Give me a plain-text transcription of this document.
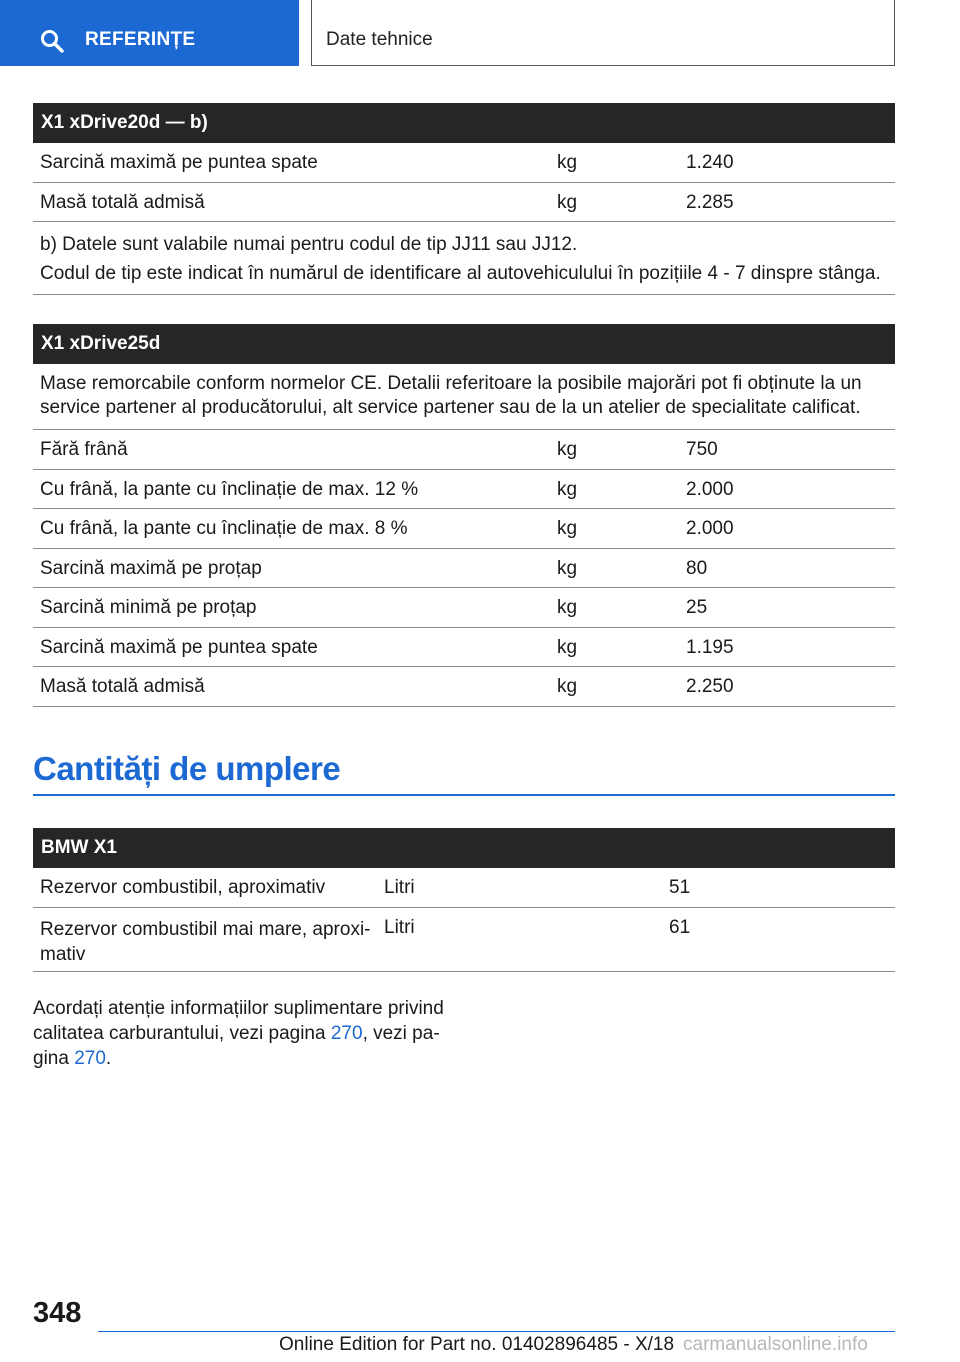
REFERINȚE	Date tehnice
X1 xDrive20d — b)
Sarcină maximă pe puntea spate	kg	1.240
Masă totală admisă	kg	2.285
b) Datele sunt valabile numai pentru codul de tip JJ11 sau JJ12.
Codul de tip este indicat în numărul de identificare al autovehiculului în pozițiile 4 - 7 dinspre stânga.
X1 xDrive25d
Mase remorcabile conform normelor CE. Detalii referitoare la posibile majorări pot fi obținute la un service partener al producătorului, alt service partener sau de la un atelier de specialitate calificat.
Fără frână	kg	750
Cu frână, la pante cu înclinație de max. 12 %	kg	2.000
Cu frână, la pante cu înclinație de max. 8 %	kg	2.000
Sarcină maximă pe proțap	kg	80
Sarcină minimă pe proțap	kg	25
Sarcină maximă pe puntea spate	kg	1.195
Masă totală admisă	kg	2.250
Cantități de umplere
BMW X1
Rezervor combustibil, aproximativ	Litri	51
Rezervor combustibil mai mare, aproxi-
mativ
Litri	61
Acordați atenție informațiilor suplimentare privind
calitatea carburantului, vezi pagina 270, vezi pa-
gina 270.
348
Online Edition for Part no. 01402896485 - X/18 carmanualsonline.info
